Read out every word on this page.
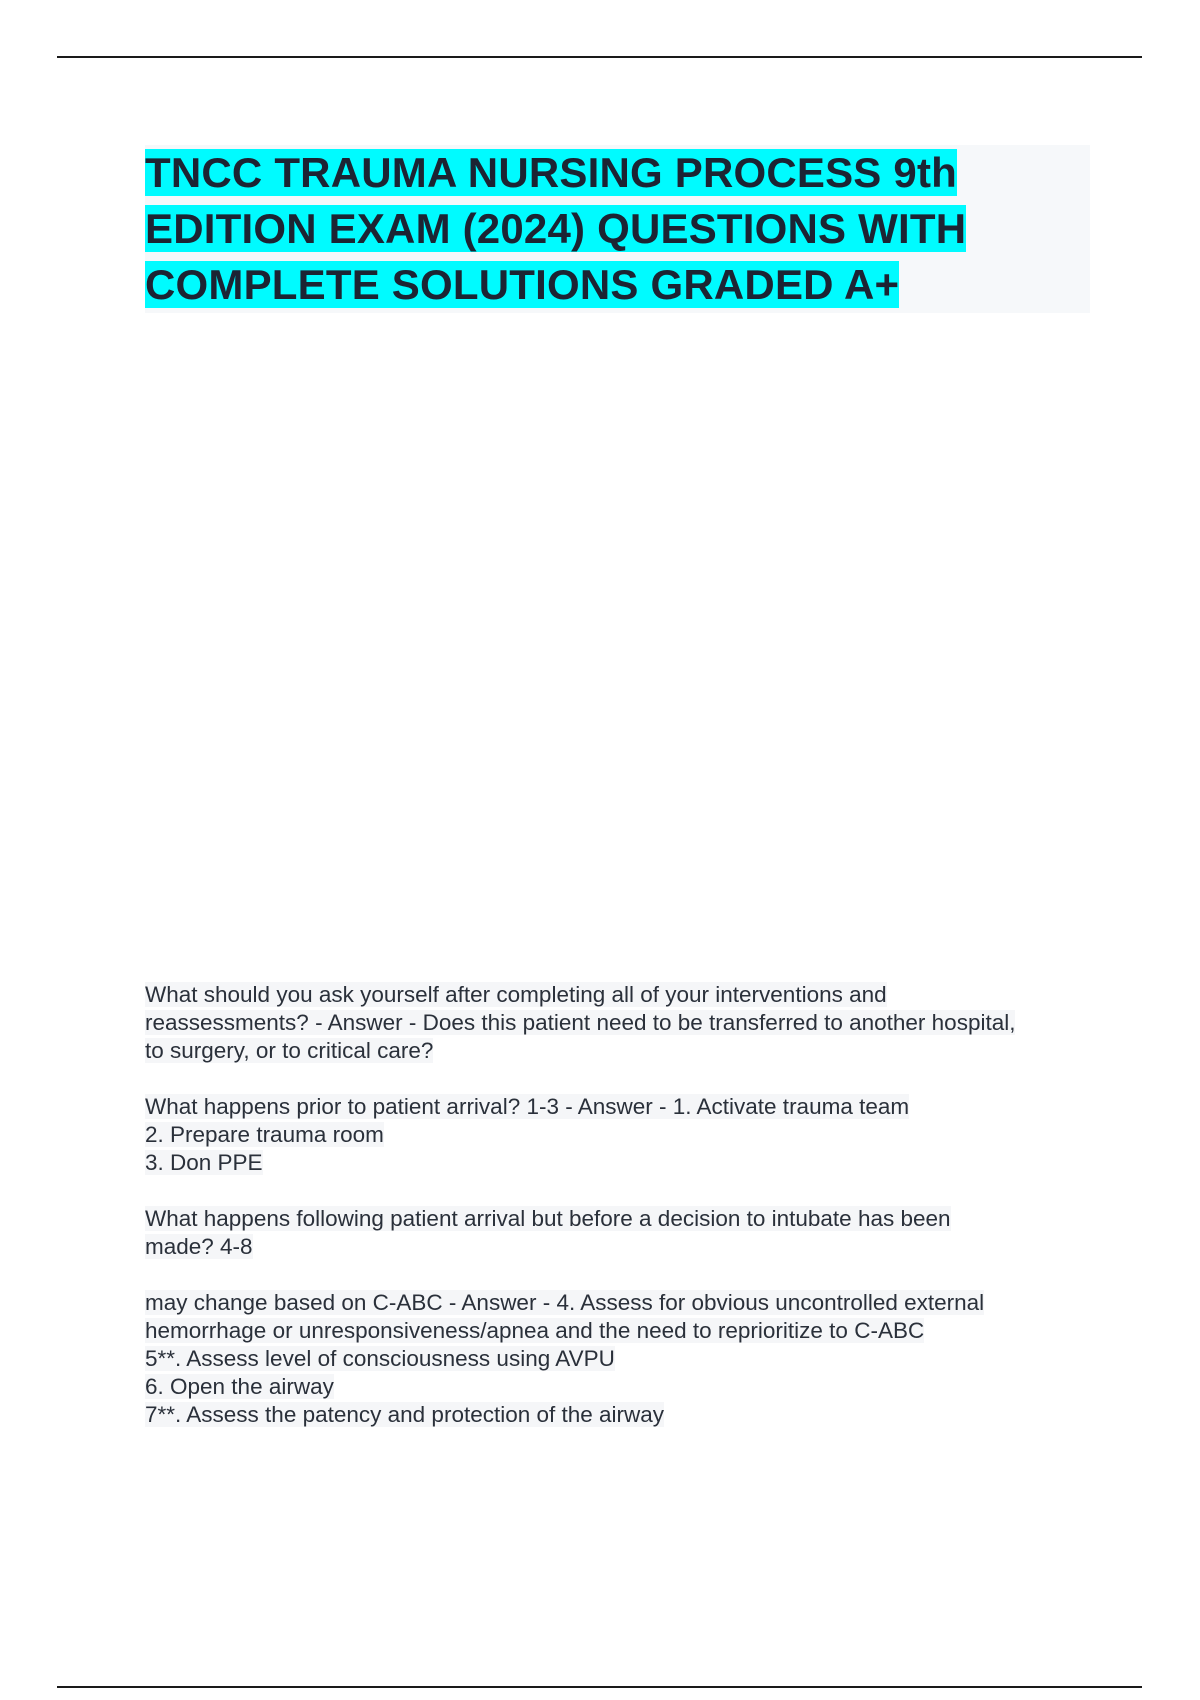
TNCC TRAUMA NURSING PROCESS 9th
EDITION EXAM (2024) QUESTIONS WITH
COMPLETE SOLUTIONS GRADED A+

What should you ask yourself after completing all of your interventions and
reassessments? - Answer - Does this patient need to be transferred to another hospital,
to surgery, or to critical care?

What happens prior to patient arrival? 1-3 - Answer - 1. Activate trauma team
2. Prepare trauma room
3. Don PPE

What happens following patient arrival but before a decision to intubate has been
made? 4-8

may change based on C-ABC - Answer - 4. Assess for obvious uncontrolled external
hemorrhage or unresponsiveness/apnea and the need to reprioritize to C-ABC
5**. Assess level of consciousness using AVPU
6. Open the airway
7**. Assess the patency and protection of the airway
